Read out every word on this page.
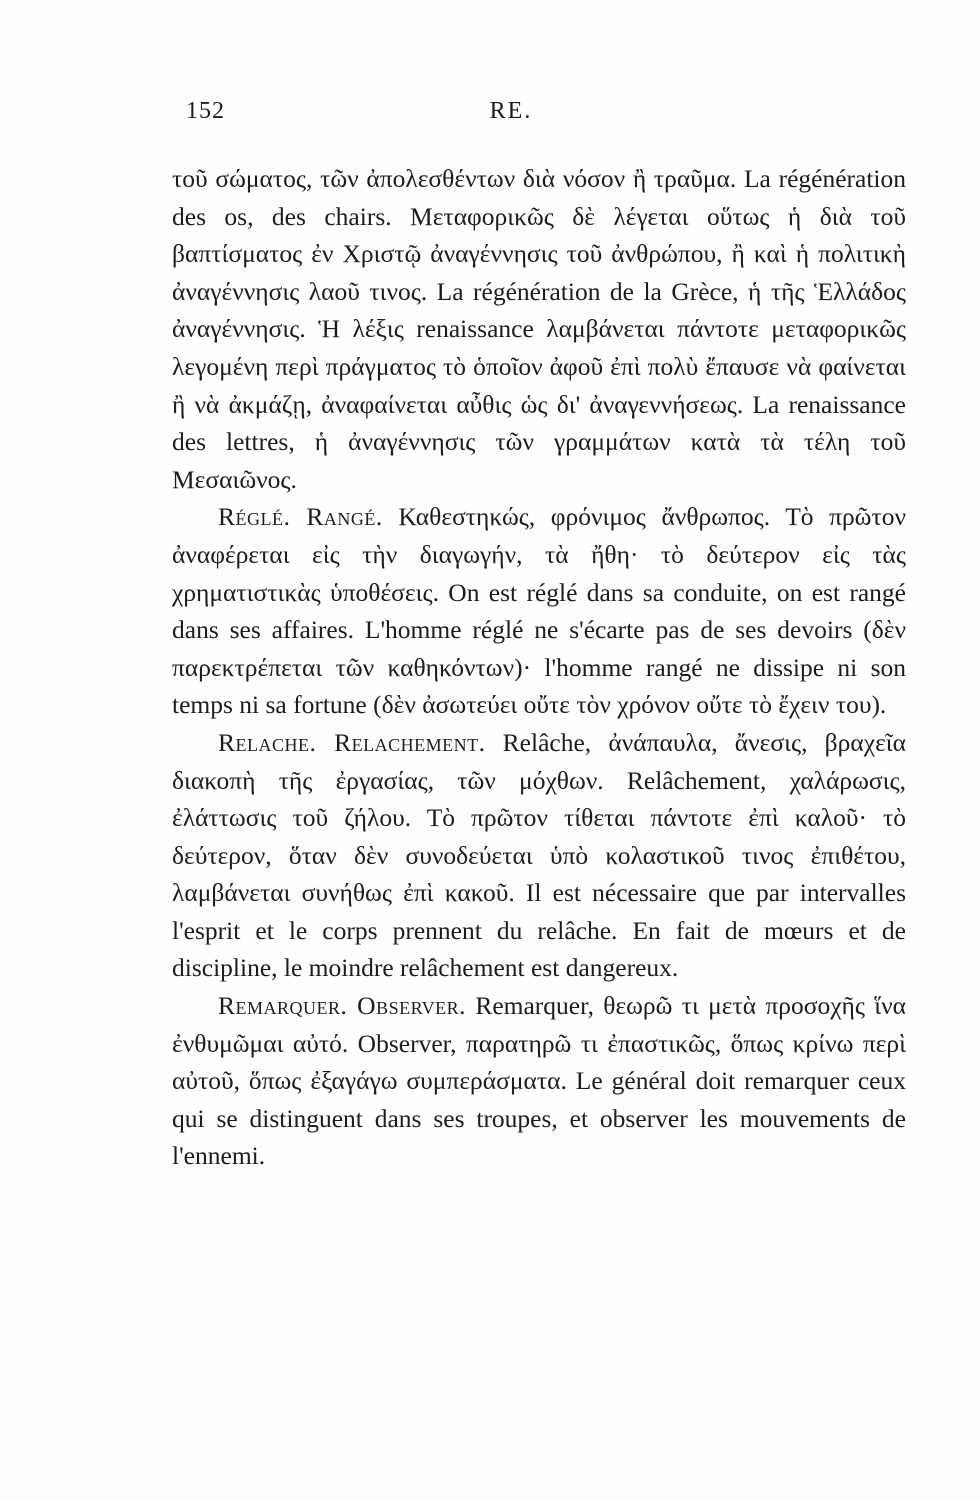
152	RE.

τοῦ σώματος, τῶν ἀπολεσθέντων διὰ νόσον ἢ τραῦμα. La régénération des os, des chairs. Μεταφορικῶς δὲ λέγεται οὕτως ἡ διὰ τοῦ βαπτίσματος ἐν Χριστῷ ἀναγέννησις τοῦ ἀνθρώπου, ἢ καὶ ἡ πολιτικὴ ἀναγέννησις λαοῦ τινος. La régénération de la Grèce, ἡ τῆς Ἑλλάδος ἀναγέννησις. Ἡ λέξις renaissance λαμβάνεται πάντοτε μεταφορικῶς λεγομένη περὶ πράγματος τὸ ὁποῖον ἀφοῦ ἐπὶ πολὺ ἔπαυσε νὰ φαίνεται ἢ νὰ ἀκμάζῃ, ἀναφαίνεται αὖθις ὡς δι' ἀναγεννήσεως. La renaissance des lettres, ἡ ἀναγέννησις τῶν γραμμάτων κατὰ τὰ τέλη τοῦ Μεσαιῶνος.

Réglé. Rangé. Καθεστηκώς, φρόνιμος ἄνθρωπος. Τὸ πρῶτον ἀναφέρεται εἰς τὴν διαγωγήν, τὰ ἤθη· τὸ δεύτερον εἰς τὰς χρηματιστικὰς ὑποθέσεις. On est réglé dans sa conduite, on est rangé dans ses affaires. L'homme réglé ne s'écarte pas de ses devoirs (δὲν παρεκτρέπεται τῶν καθηκόντων)· l'homme rangé ne dissipe ni son temps ni sa fortune (δὲν ἀσωτεύει οὔτε τὸν χρόνον οὔτε τὸ ἔχειν του).

Relache. Relachement. Relâche, ἀνάπαυλα, ἄνεσις, βραχεῖα διακοπὴ τῆς ἐργασίας, τῶν μόχθων. Relâchement, χαλάρωσις, ἐλάττωσις τοῦ ζήλου. Τὸ πρῶτον τίθεται πάντοτε ἐπὶ καλοῦ· τὸ δεύτερον, ὅταν δὲν συνοδεύεται ὑπὸ κολαστικοῦ τινος ἐπιθέτου, λαμβάνεται συνήθως ἐπὶ κακοῦ. Il est nécessaire que par intervalles l'esprit et le corps prennent du relâche. En fait de mœurs et de discipline, le moindre relâchement est dangereux.

Remarquer. Observer. Remarquer, θεωρῶ τι μετὰ προσοχῆς ἵνα ἐνθυμῶμαι αὐτό. Observer, παρατηρῶ τι ἐπαστικῶς, ὅπως κρίνω περὶ αὐτοῦ, ὅπως ἐξαγάγω συμπεράσματα. Le général doit remarquer ceux qui se distinguent dans ses troupes, et observer les mouvements de l'ennemi.
